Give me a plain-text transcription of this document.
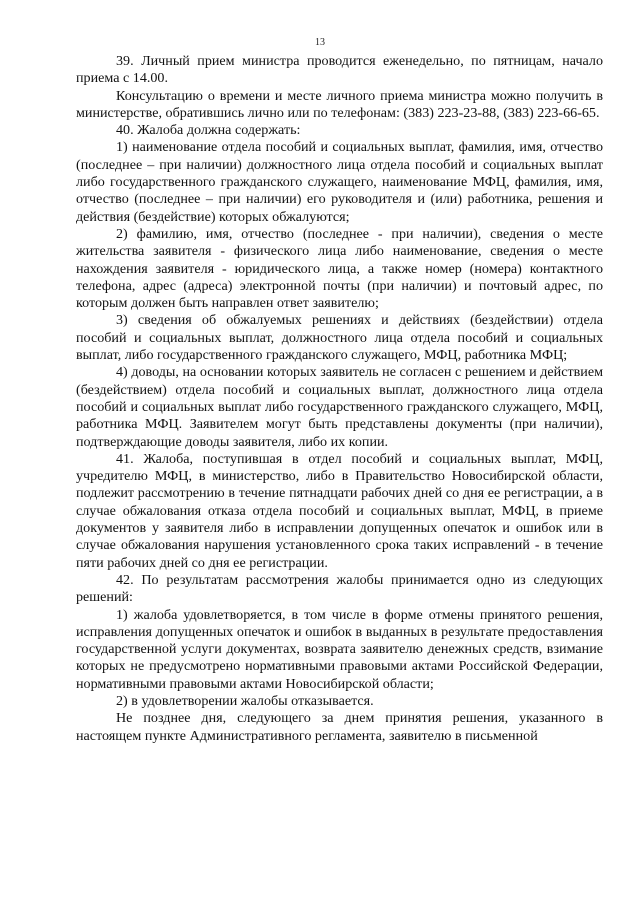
13

39. Личный прием министра проводится еженедельно, по пятницам, начало приема с 14.00.

Консультацию о времени и месте личного приема министра можно получить в министерстве, обратившись лично или по телефонам: (383) 223-23-88, (383) 223-66-65.

40. Жалоба должна содержать:

1) наименование отдела пособий и социальных выплат, фамилия, имя, отчество (последнее – при наличии) должностного лица отдела пособий и социальных выплат либо государственного гражданского служащего, наименование МФЦ, фамилия, имя, отчество (последнее – при наличии) его руководителя и (или) работника, решения и действия (бездействие) которых обжалуются;

2) фамилию, имя, отчество (последнее - при наличии), сведения о месте жительства заявителя - физического лица либо наименование, сведения о месте нахождения заявителя - юридического лица, а также номер (номера) контактного телефона, адрес (адреса) электронной почты (при наличии) и почтовый адрес, по которым должен быть направлен ответ заявителю;

3) сведения об обжалуемых решениях и действиях (бездействии) отдела пособий и социальных выплат, должностного лица отдела пособий и социальных выплат, либо государственного гражданского служащего, МФЦ, работника МФЦ;

4) доводы, на основании которых заявитель не согласен с решением и действием (бездействием) отдела пособий и социальных выплат, должностного лица отдела пособий и социальных выплат либо государственного гражданского служащего, МФЦ, работника МФЦ. Заявителем могут быть представлены документы (при наличии), подтверждающие доводы заявителя, либо их копии.

41. Жалоба, поступившая в отдел пособий и социальных выплат, МФЦ, учредителю МФЦ, в министерство, либо в Правительство Новосибирской области, подлежит рассмотрению в течение пятнадцати рабочих дней со дня ее регистрации, а в случае обжалования отказа отдела пособий и социальных выплат, МФЦ, в приеме документов у заявителя либо в исправлении допущенных опечаток и ошибок или в случае обжалования нарушения установленного срока таких исправлений - в течение пяти рабочих дней со дня ее регистрации.

42. По результатам рассмотрения жалобы принимается одно из следующих решений:

1) жалоба удовлетворяется, в том числе в форме отмены принятого решения, исправления допущенных опечаток и ошибок в выданных в результате предоставления государственной услуги документах, возврата заявителю денежных средств, взимание которых не предусмотрено нормативными правовыми актами Российской Федерации, нормативными правовыми актами Новосибирской области;

2) в удовлетворении жалобы отказывается.

Не позднее дня, следующего за днем принятия решения, указанного в настоящем пункте Административного регламента, заявителю в письменной
